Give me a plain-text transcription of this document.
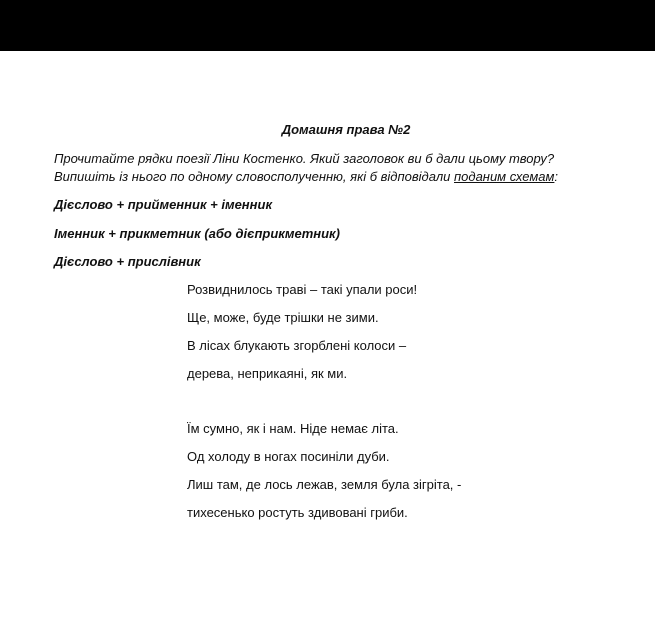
Домашня права №2

Прочитайте рядки поезії Ліни Костенко. Який заголовок ви б дали цьому твору?
Випишіть із нього по одному словосполученню, які б відповідали поданим схемам:

Дієслово + прийменник + іменник

Іменник + прикметник (або дієприкметник)

Дієслово + прислівник

Розвиднилось траві – такі упали роси!
Ще, може, буде трішки не зими.
В лісах блукають згорблені колоси –
дерева, неприкаяні, як ми.
Їм сумно, як і нам. Ніде немає літа.
Од холоду в ногах посиніли дуби.
Лиш там, де лось лежав, земля була зігріта, -
тихесенько ростуть здивовані гриби.
